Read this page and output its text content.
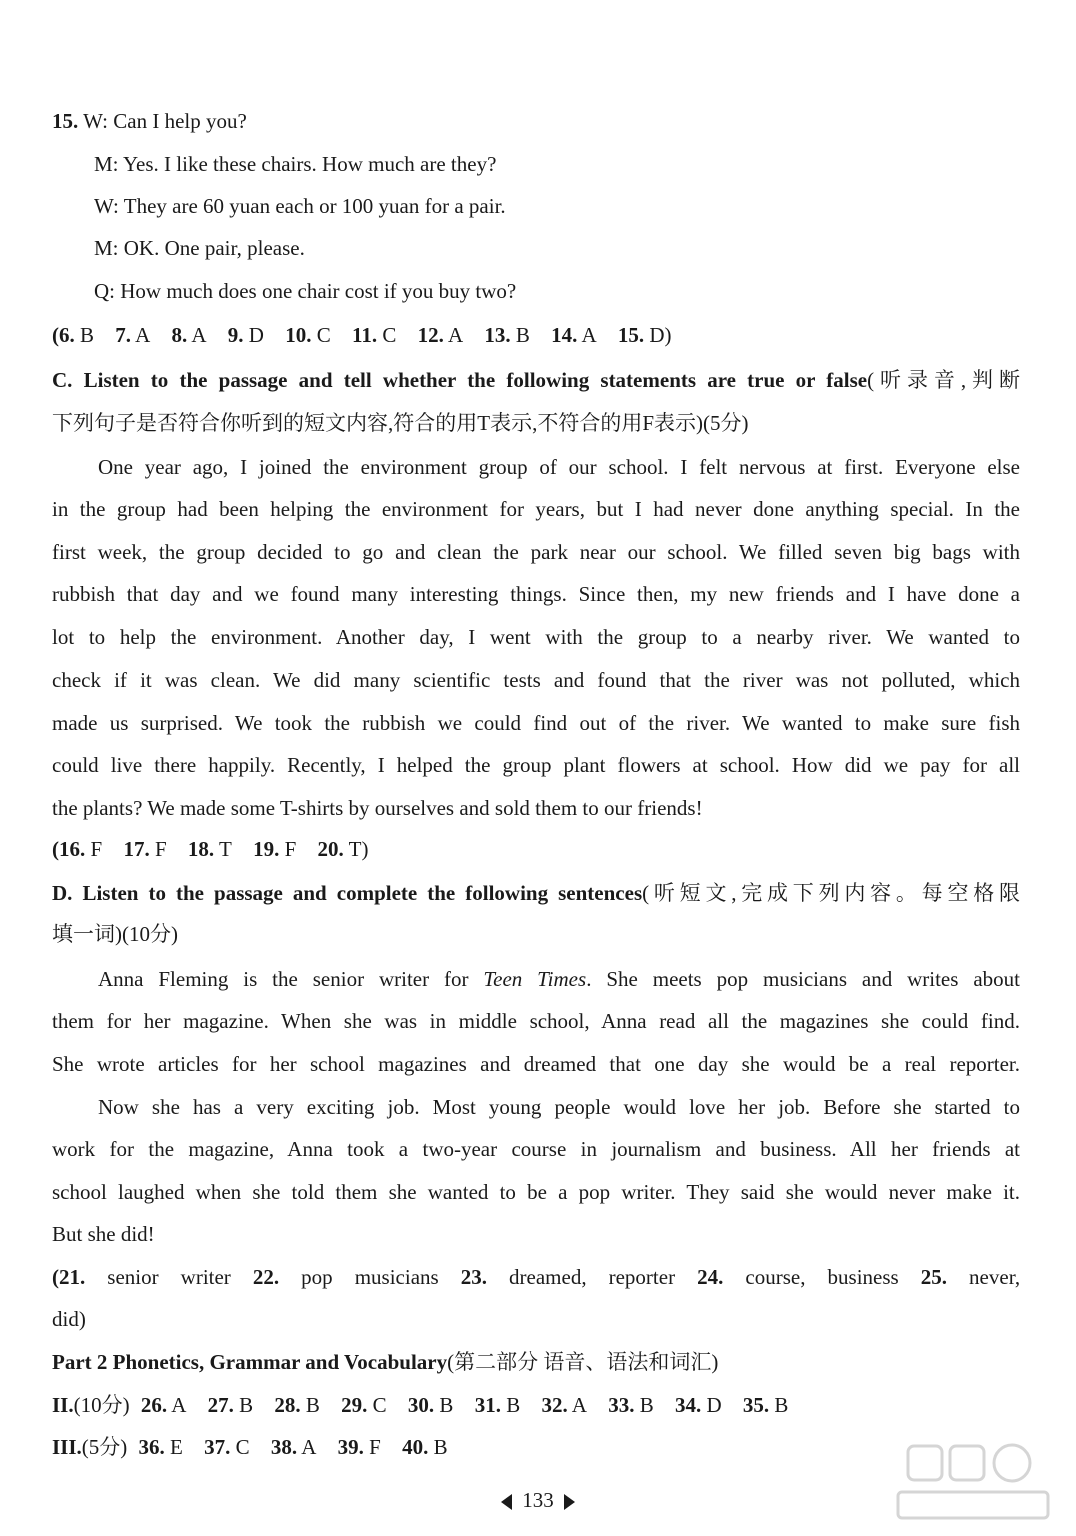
15. W: Can I help you?
M: Yes. I like these chairs. How much are they?
W: They are 60 yuan each or 100 yuan for a pair.
M: OK. One pair, please.
Q: How much does one chair cost if you buy two?
(6. B 7. A 8. A 9. D 10. C 11. C 12. A 13. B 14. A 15. D)
C. Listen to the passage and tell whether the following statements are true or false(听录音,判断
下列句子是否符合你听到的短文内容,符合的用T表示,不符合的用F表示)(5分)
One year ago, I joined the environment group of our school. I felt nervous at first. Everyone else
in the group had been helping the environment for years, but I had never done anything special. In the
first week, the group decided to go and clean the park near our school. We filled seven big bags with
rubbish that day and we found many interesting things. Since then, my new friends and I have done a
lot to help the environment. Another day, I went with the group to a nearby river. We wanted to
check if it was clean. We did many scientific tests and found that the river was not polluted, which
made us surprised. We took the rubbish we could find out of the river. We wanted to make sure fish
could live there happily. Recently, I helped the group plant flowers at school. How did we pay for all
the plants? We made some T-shirts by ourselves and sold them to our friends!
(16. F 17. F 18. T 19. F 20. T)
D. Listen to the passage and complete the following sentences(听短文,完成下列内容。每空格限
填一词)(10分)
Anna Fleming is the senior writer for Teen Times. She meets pop musicians and writes about
them for her magazine. When she was in middle school, Anna read all the magazines she could find.
She wrote articles for her school magazines and dreamed that one day she would be a real reporter.
Now she has a very exciting job. Most young people would love her job. Before she started to
work for the magazine, Anna took a two-year course in journalism and business. All her friends at
school laughed when she told them she wanted to be a pop writer. They said she would never make it.
But she did!
(21. senior writer 22. pop musicians 23. dreamed, reporter 24. course, business 25. never,
did)
Part 2 Phonetics, Grammar and Vocabulary(第二部分 语音、语法和词汇)
II.(10分) 26. A 27. B 28. B 29. C 30. B 31. B 32. A 33. B 34. D 35. B
III.(5分) 36. E 37. C 38. A 39. F 40. B
133
